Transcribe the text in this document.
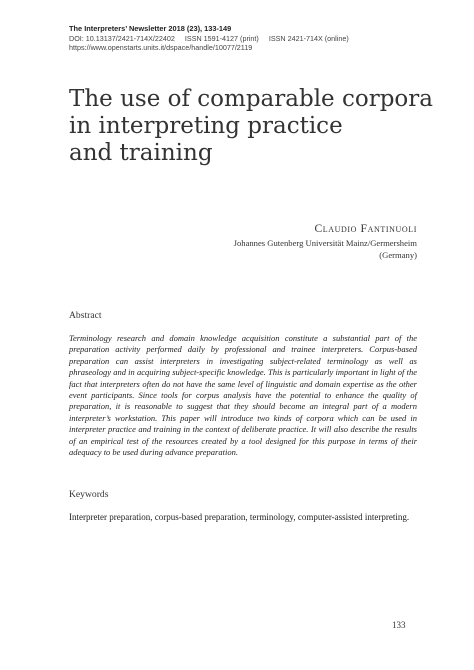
The Interpreters’ Newsletter 2018 (23), 133-149
DOI: 10.13137/2421-714X/22402 ISSN 1591-4127 (print) ISSN 2421-714X (online)
https://www.openstarts.units.it/dspace/handle/10077/2119
The use of comparable corpora
in interpreting practice
and training
Claudio Fantinuoli
Johannes Gutenberg Universität Mainz/Germersheim
(Germany)
Abstract

Terminology research and domain knowledge acquisition constitute a substantial part of the preparation activity performed daily by professional and trainee interpreters. Corpus-based preparation can assist interpreters in investigating subject-related terminology as well as phraseology and in acquiring subject-specific knowledge. This is particularly important in light of the fact that interpreters often do not have the same level of linguistic and domain expertise as the other event participants. Since tools for corpus analysis have the potential to enhance the quality of preparation, it is reasonable to suggest that they should become an integral part of a modern interpreter’s workstation. This paper will introduce two kinds of corpora which can be used in interpreter practice and training in the context of deliberate practice. It will also describe the results of an empirical test of the resources created by a tool designed for this purpose in terms of their adequacy to be used during advance preparation.

Keywords

Interpreter preparation, corpus-based preparation, terminology, computer-assisted interpreting.

133
